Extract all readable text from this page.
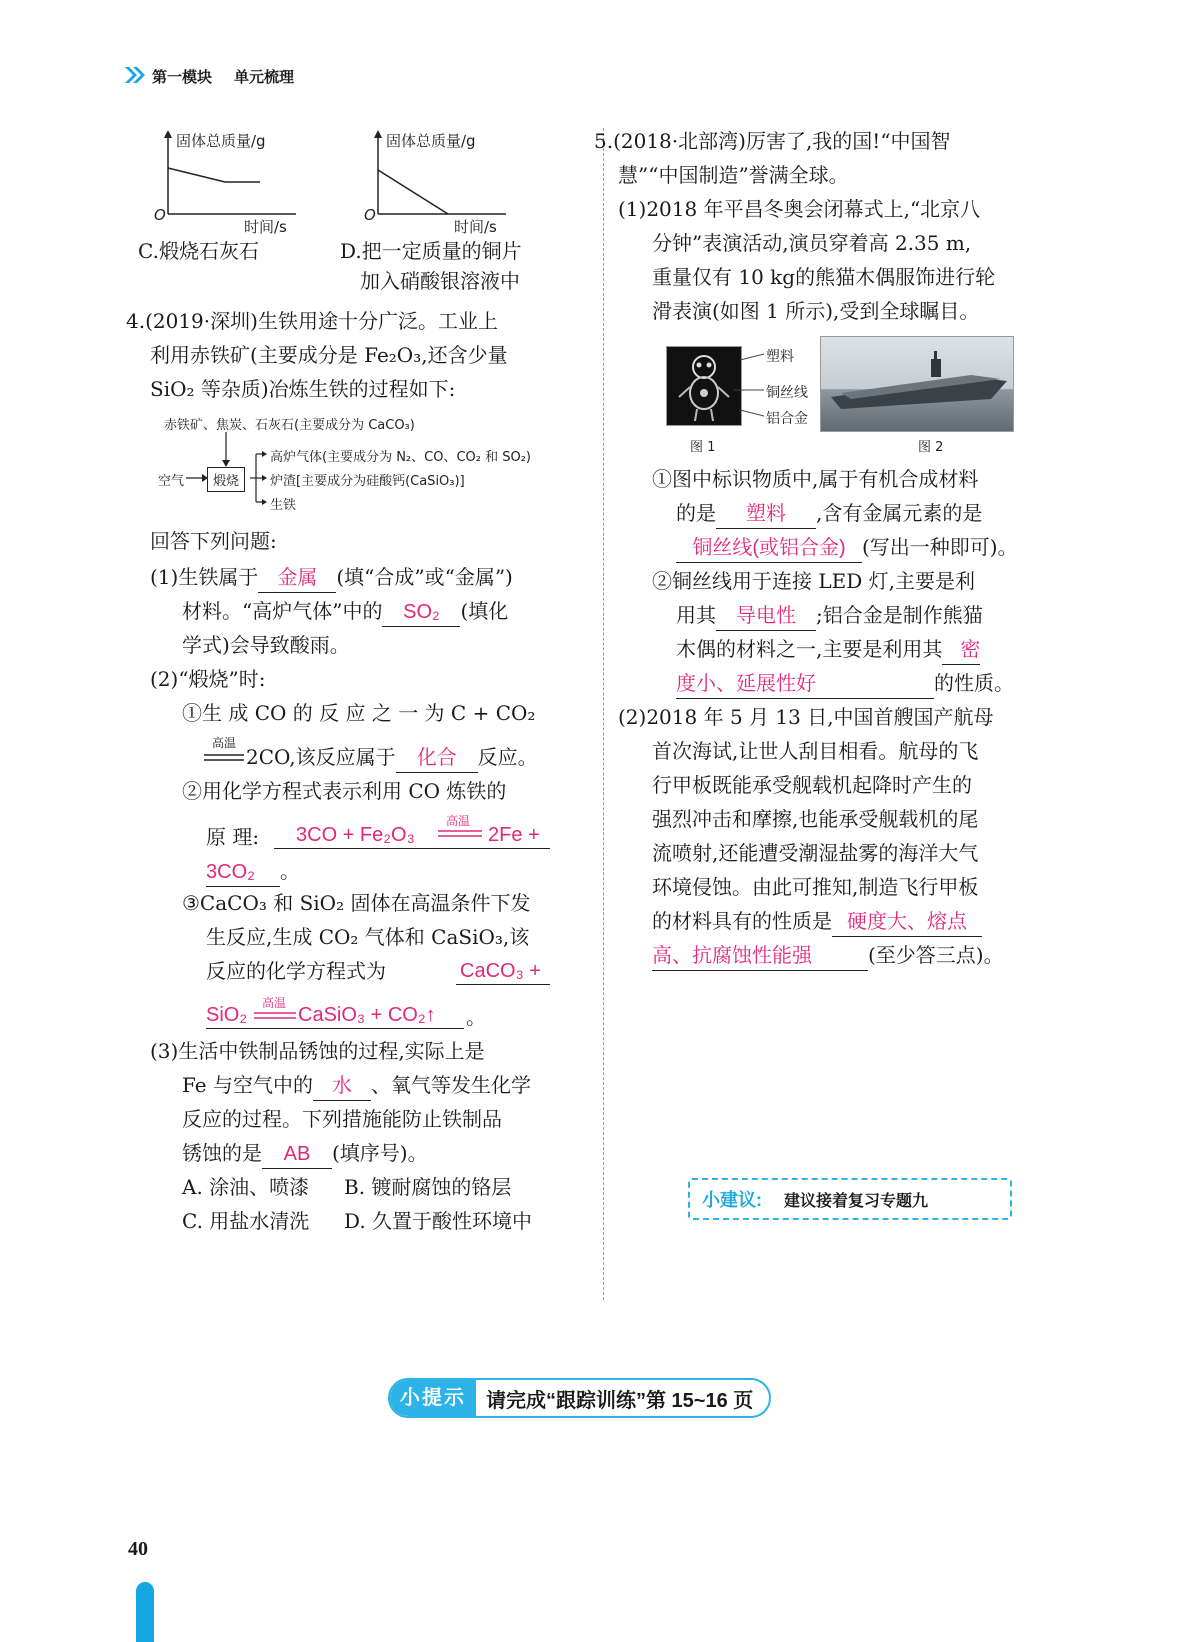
第一模块 单元梳理
固体总质量/g
O
时间/s
固体总质量/g
O
时间/s
C.煅烧石灰石	D.把一定质量的铜片
加入硝酸银溶液中
4.(2019·深圳)生铁用途十分广泛。工业上
利用赤铁矿(主要成分是 Fe₂O₃,还含少量
SiO₂ 等杂质)冶炼生铁的过程如下:
赤铁矿、焦炭、石灰石(主要成分为 CaCO₃)
空气	煅烧
高炉气体(主要成分为 N₂、CO、CO₂ 和 SO₂)
炉渣[主要成分为硅酸钙(CaSiO₃)]
生铁
回答下列问题:
(1)生铁属于 金属 (填“合成”或“金属”)
材料。“高炉气体”中的 SO₂ (填化
学式)会导致酸雨。
(2)“煅烧”时:
①生 成 CO 的 反 应 之 一 为 C + CO₂
高温
2CO,该反应属于 化合 反应。
②用化学方程式表示利用 CO 炼铁的
原 理: 3CO + Fe₂O₃
高温
2Fe +
3CO₂ 。
③CaCO₃ 和 SiO₂ 固体在高温条件下发
生反应,生成 CO₂ 气体和 CaSiO₃,该
反应的化学方程式为	CaCO₃ +
SiO₂
高温
CaSiO₃ + CO₂↑ 。
(3)生活中铁制品锈蚀的过程,实际上是
Fe 与空气中的 水 、氧气等发生化学
反应的过程。下列措施能防止铁制品
锈蚀的是 AB (填序号)。
A. 涂油、喷漆 B. 镀耐腐蚀的铬层
C. 用盐水清洗 D. 久置于酸性环境中
5.(2018·北部湾)厉害了,我的国!“中国智
慧”“中国制造”誉满全球。
(1)2018 年平昌冬奥会闭幕式上,“北京八
分钟”表演活动,演员穿着高 2.35 m,
重量仅有 10 kg的熊猫木偶服饰进行轮
滑表演(如图 1 所示),受到全球瞩目。
塑料
铜丝线
铝合金
图 1	图 2
①图中标识物质中,属于有机合成材料
的是 塑料 ,含有金属元素的是
铜丝线(或铝合金) (写出一种即可)。
②铜丝线用于连接 LED 灯,主要是利
用其 导电性 ;铝合金是制作熊猫
木偶的材料之一,主要是利用其 密
度小、延展性好	的性质。
(2)2018 年 5 月 13 日,中国首艘国产航母
首次海试,让世人刮目相看。航母的飞
行甲板既能承受舰载机起降时产生的
强烈冲击和摩擦,也能承受舰载机的尾
流喷射,还能遭受潮湿盐雾的海洋大气
环境侵蚀。由此可推知,制造飞行甲板
的材料具有的性质是 硬度大、熔点
高、抗腐蚀性能强	(至少答三点)。
小建议: 建议接着复习专题九
小提示	请完成“跟踪训练”第 15~16 页
40
